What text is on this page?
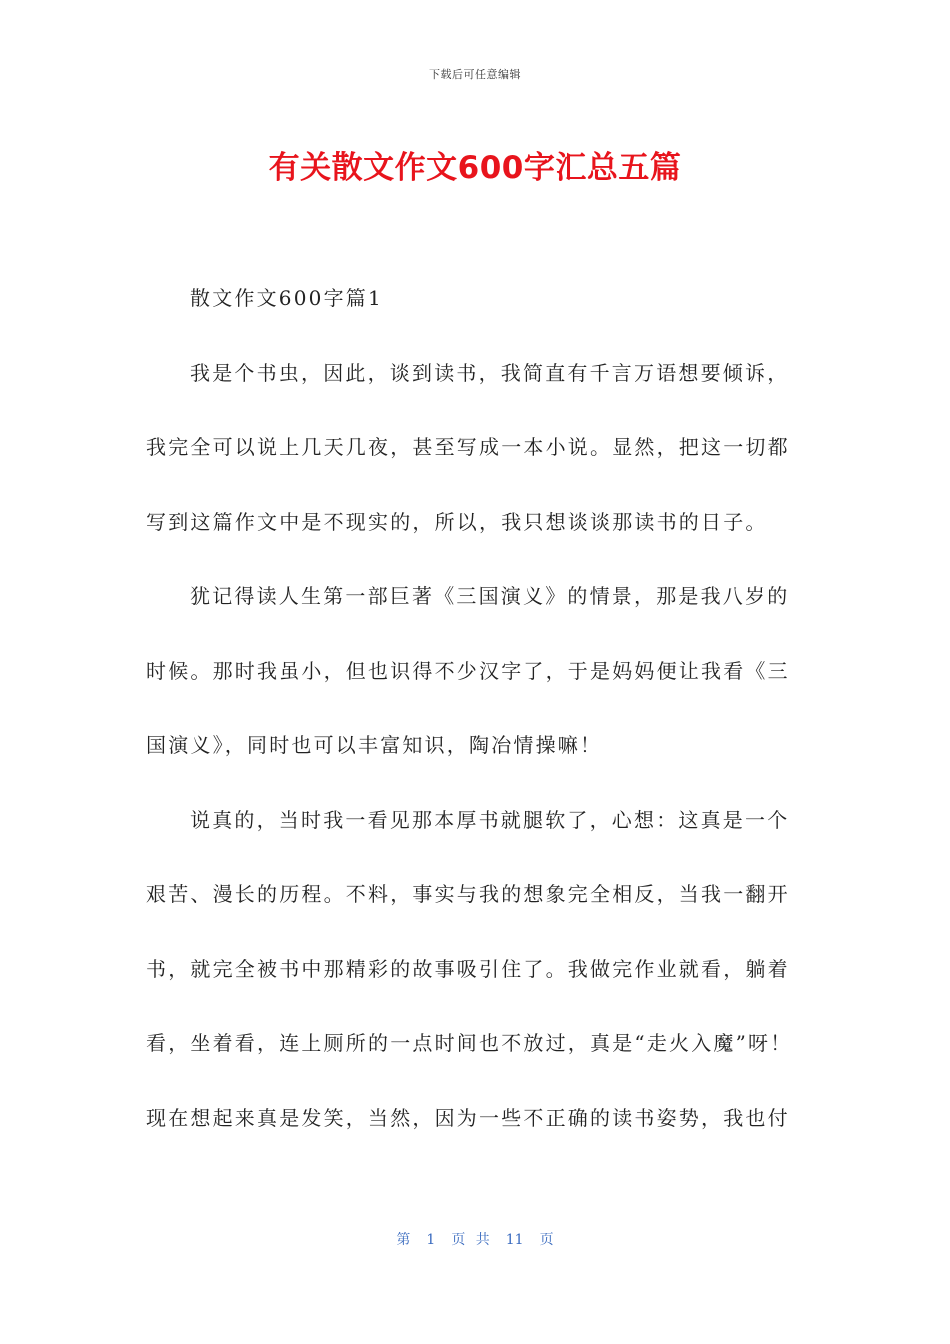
下载后可任意编辑
有关散文作文600字汇总五篇
散文作文600字篇1
我是个书虫，因此，谈到读书，我简直有千言万语想要倾诉，
我完全可以说上几天几夜，甚至写成一本小说。显然，把这一切都
写到这篇作文中是不现实的，所以，我只想谈谈那读书的日子。
犹记得读人生第一部巨著《三国演义》的情景，那是我八岁的
时候。那时我虽小，但也识得不少汉字了，于是妈妈便让我看《三
国演义》，同时也可以丰富知识，陶冶情操嘛！
说真的，当时我一看见那本厚书就腿软了，心想：这真是一个
艰苦、漫长的历程。不料，事实与我的想象完全相反，当我一翻开
书，就完全被书中那精彩的故事吸引住了。我做完作业就看，躺着
看，坐着看，连上厕所的一点时间也不放过，真是“走火入魔”呀！
现在想起来真是发笑，当然，因为一些不正确的读书姿势，我也付
第 1 页 共 11 页
